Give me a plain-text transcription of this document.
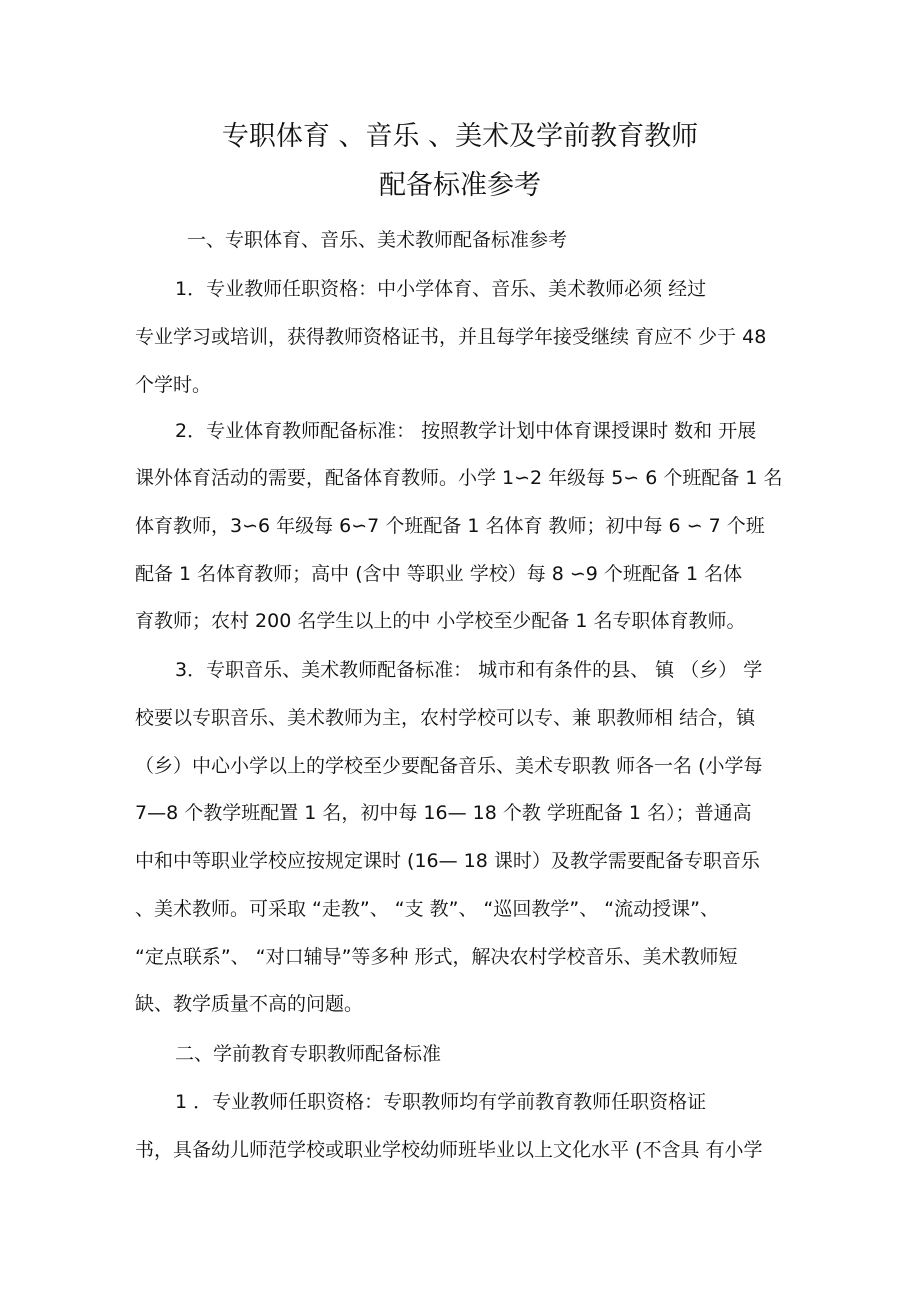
专职体育 、音乐 、美术及学前教育教师
配备标准参考
一、专职体育、音乐、美术教师配备标准参考
1．专业教师任职资格：中小学体育、音乐、美术教师必须 经过
专业学习或培训，获得教师资格证书，并且每学年接受继续 育应不 少于 48
个学时。
2．专业体育教师配备标准： 按照教学计划中体育课授课时 数和 开展
课外体育活动的需要，配备体育教师。小学 1∽2 年级每 5∽ 6 个班配备 1 名
体育教师，3∽6 年级每 6∽7 个班配备 1 名体育 教师；初中每 6 ∽ 7 个班
配备 1 名体育教师；高中 (含中 等职业 学校）每 8 ∽9 个班配备 1 名体
育教师；农村 200 名学生以上的中 小学校至少配备 1 名专职体育教师。
3．专职音乐、美术教师配备标准： 城市和有条件的县、 镇 （乡） 学
校要以专职音乐、美术教师为主，农村学校可以专、兼 职教师相 结合，镇
（乡）中心小学以上的学校至少要配备音乐、美术专职教 师各一名 (小学每
7—8 个教学班配置 1 名，初中每 16— 18 个教 学班配备 1 名）；普通高
中和中等职业学校应按规定课时 (16— 18 课时）及教学需要配备专职音乐
、美术教师。可采取 “走教”、 “支 教”、 “巡回教学”、 “流动授课”、
“定点联系”、 “对口辅导”等多种 形式，解决农村学校音乐、美术教师短
缺、教学质量不高的问题。
二、学前教育专职教师配备标准
1 ．专业教师任职资格：专职教师均有学前教育教师任职资格证
书，具备幼儿师范学校或职业学校幼师班毕业以上文化水平 (不含具 有小学
